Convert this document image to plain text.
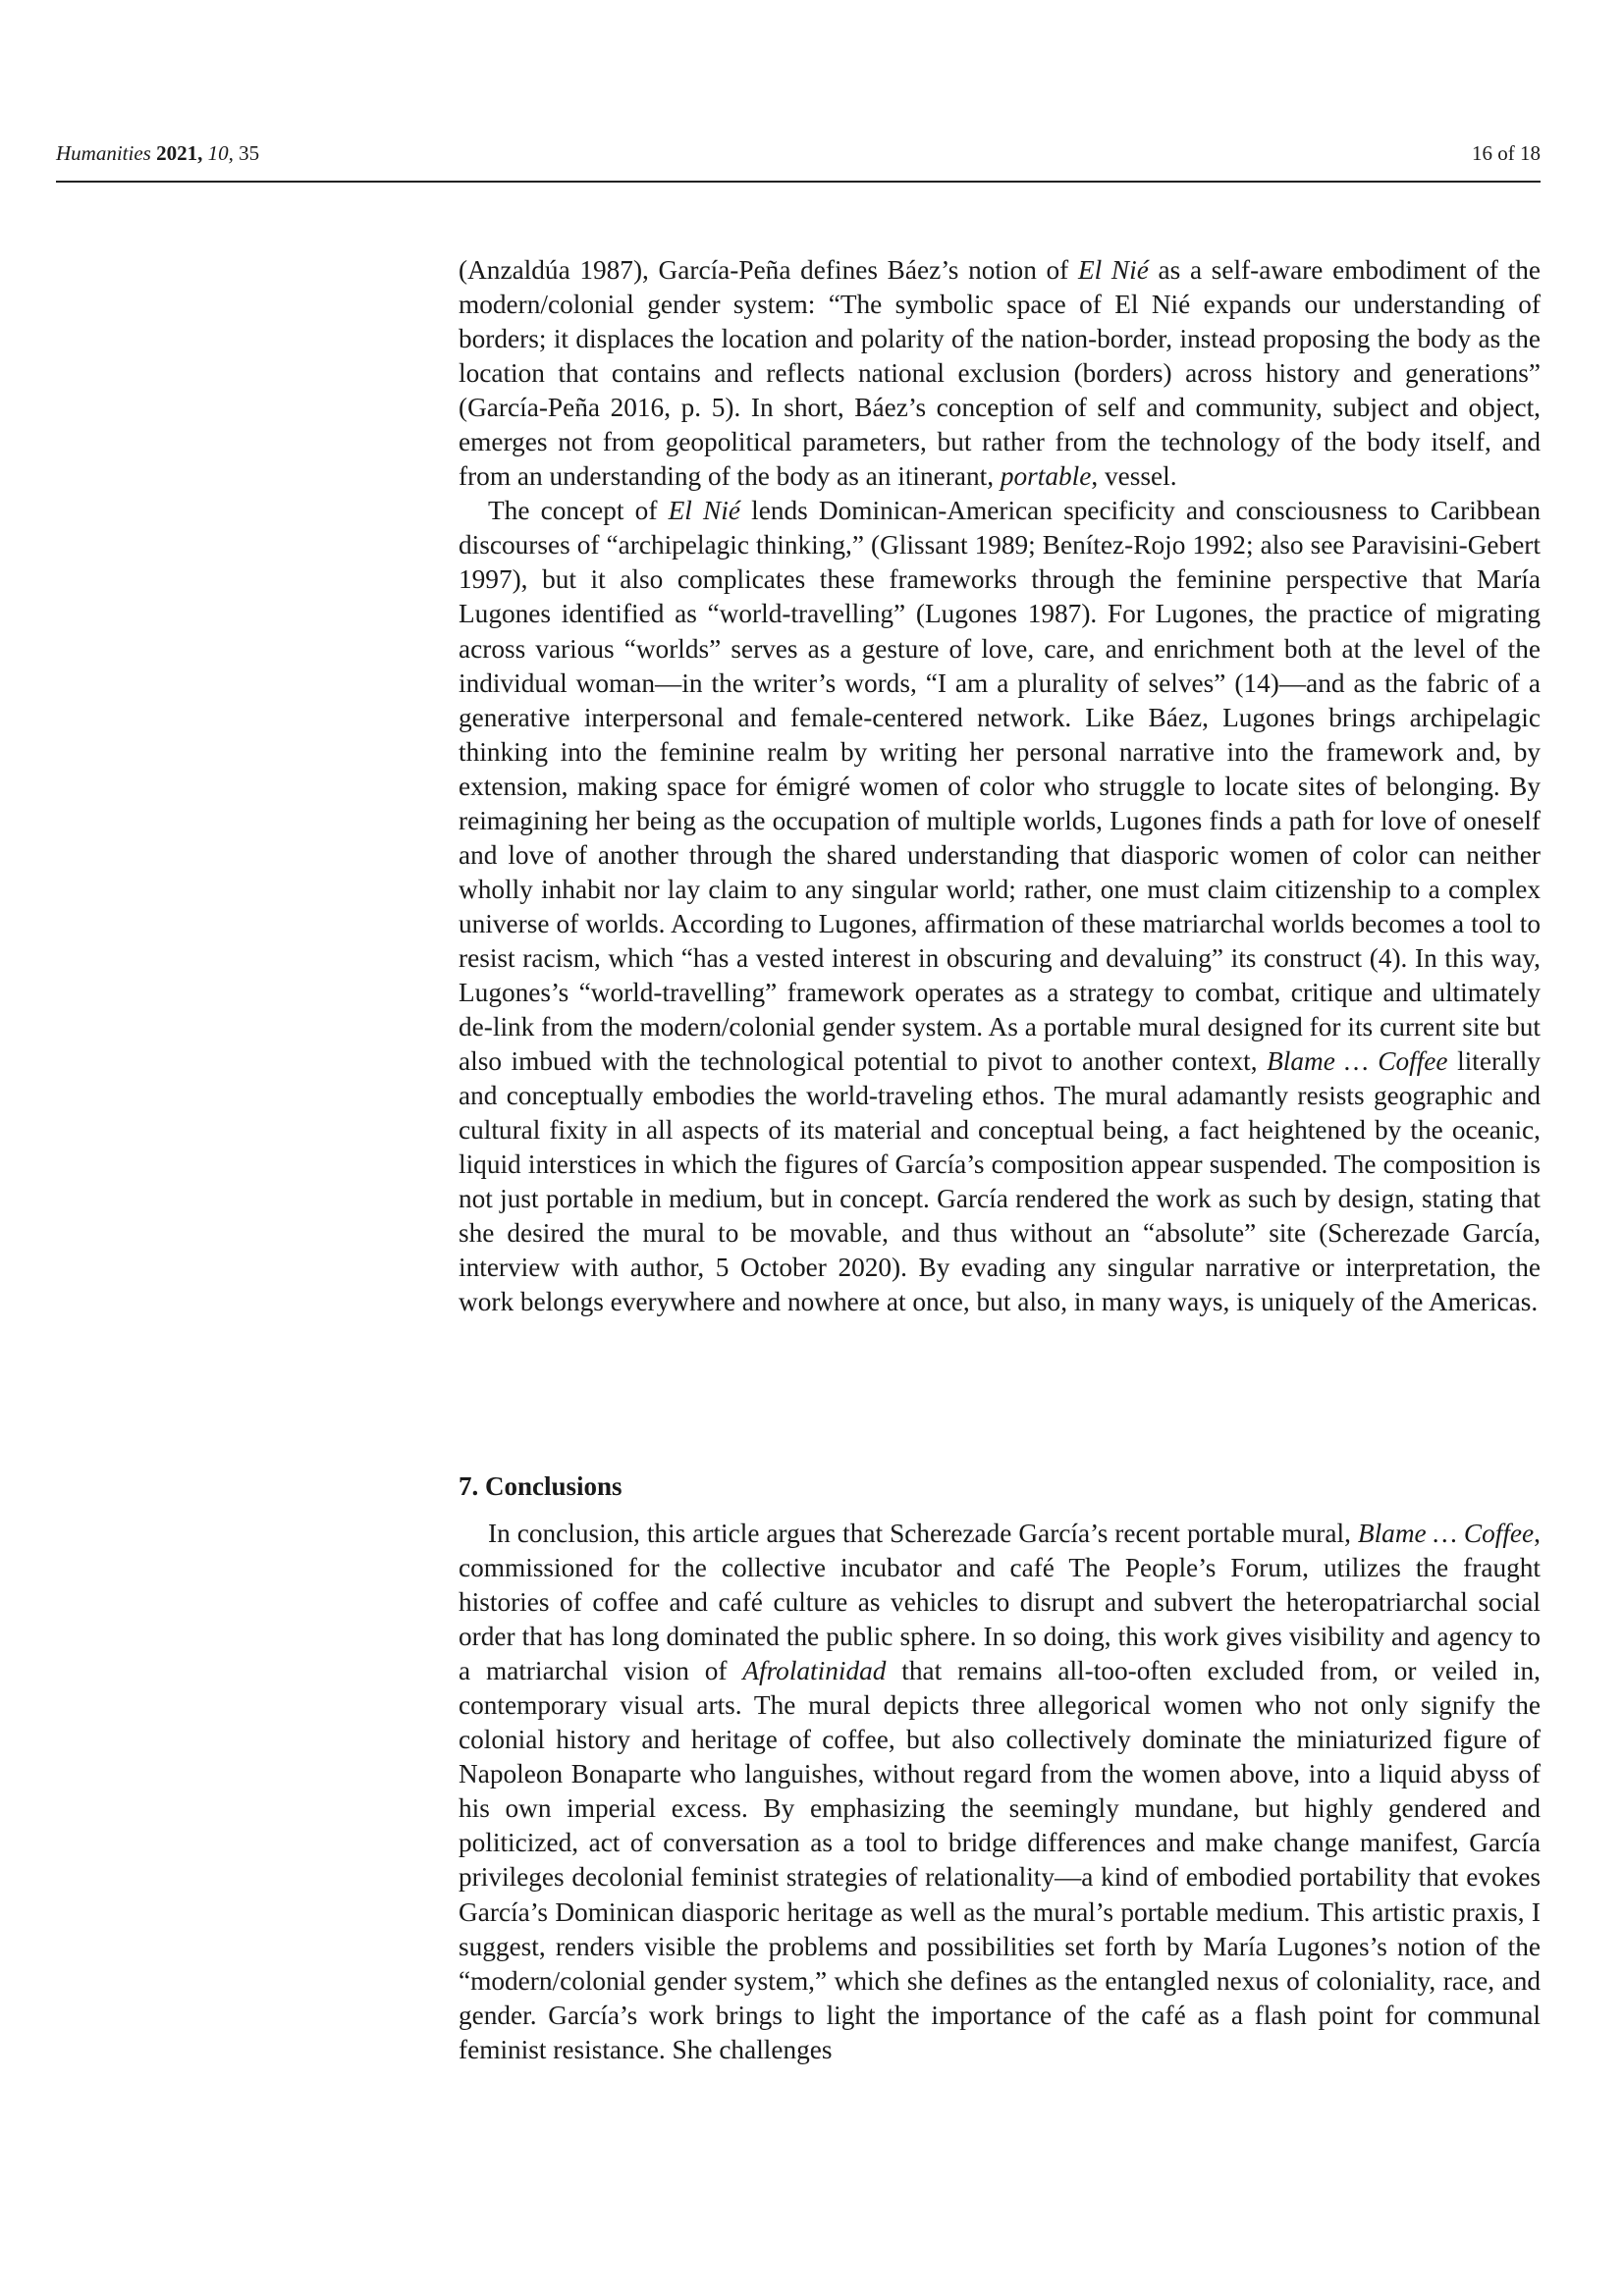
Humanities 2021, 10, 35	16 of 18

(Anzaldúa 1987), García-Peña defines Báez’s notion of El Nié as a self-aware embodiment of the modern/colonial gender system: “The symbolic space of El Nié expands our understanding of borders; it displaces the location and polarity of the nation-border, instead proposing the body as the location that contains and reflects national exclusion (borders) across history and generations” (García-Peña 2016, p. 5). In short, Báez’s conception of self and community, subject and object, emerges not from geopolitical parameters, but rather from the technology of the body itself, and from an understanding of the body as an itinerant, portable, vessel.

The concept of El Nié lends Dominican-American specificity and consciousness to Caribbean discourses of “archipelagic thinking,” (Glissant 1989; Benítez-Rojo 1992; also see Paravisini-Gebert 1997), but it also complicates these frameworks through the feminine perspective that María Lugones identified as “world-travelling” (Lugones 1987). For Lugones, the practice of migrating across various “worlds” serves as a gesture of love, care, and enrichment both at the level of the individual woman—in the writer’s words, “I am a plurality of selves” (14)—and as the fabric of a generative interpersonal and female-centered network. Like Báez, Lugones brings archipelagic thinking into the feminine realm by writing her personal narrative into the framework and, by extension, making space for émigré women of color who struggle to locate sites of belonging. By reimagining her being as the occupation of multiple worlds, Lugones finds a path for love of oneself and love of another through the shared understanding that diasporic women of color can neither wholly inhabit nor lay claim to any singular world; rather, one must claim citizenship to a complex universe of worlds. According to Lugones, affirmation of these matriarchal worlds becomes a tool to resist racism, which “has a vested interest in obscuring and devaluing” its construct (4). In this way, Lugones’s “world-travelling” framework operates as a strategy to combat, critique and ultimately de-link from the modern/colonial gender system. As a portable mural designed for its current site but also imbued with the technological potential to pivot to another context, Blame … Coffee literally and conceptually embodies the world-traveling ethos. The mural adamantly resists geographic and cultural fixity in all aspects of its material and conceptual being, a fact heightened by the oceanic, liquid interstices in which the figures of García’s composition appear suspended. The composition is not just portable in medium, but in concept. García rendered the work as such by design, stating that she desired the mural to be movable, and thus without an “absolute” site (Scherezade García, interview with author, 5 October 2020). By evading any singular narrative or interpretation, the work belongs everywhere and nowhere at once, but also, in many ways, is uniquely of the Americas.

7. Conclusions

In conclusion, this article argues that Scherezade García’s recent portable mural, Blame … Coffee, commissioned for the collective incubator and café The People’s Forum, utilizes the fraught histories of coffee and café culture as vehicles to disrupt and subvert the heteropatriarchal social order that has long dominated the public sphere. In so doing, this work gives visibility and agency to a matriarchal vision of Afrolatinidad that remains all-too-often excluded from, or veiled in, contemporary visual arts. The mural depicts three allegorical women who not only signify the colonial history and heritage of coffee, but also collectively dominate the miniaturized figure of Napoleon Bonaparte who languishes, without regard from the women above, into a liquid abyss of his own imperial excess. By emphasizing the seemingly mundane, but highly gendered and politicized, act of conversation as a tool to bridge differences and make change manifest, García privileges decolonial feminist strategies of relationality—a kind of embodied portability that evokes García’s Dominican diasporic heritage as well as the mural’s portable medium. This artistic praxis, I suggest, renders visible the problems and possibilities set forth by María Lugones’s notion of the “modern/colonial gender system,” which she defines as the entangled nexus of coloniality, race, and gender. García’s work brings to light the importance of the café as a flash point for communal feminist resistance. She challenges
